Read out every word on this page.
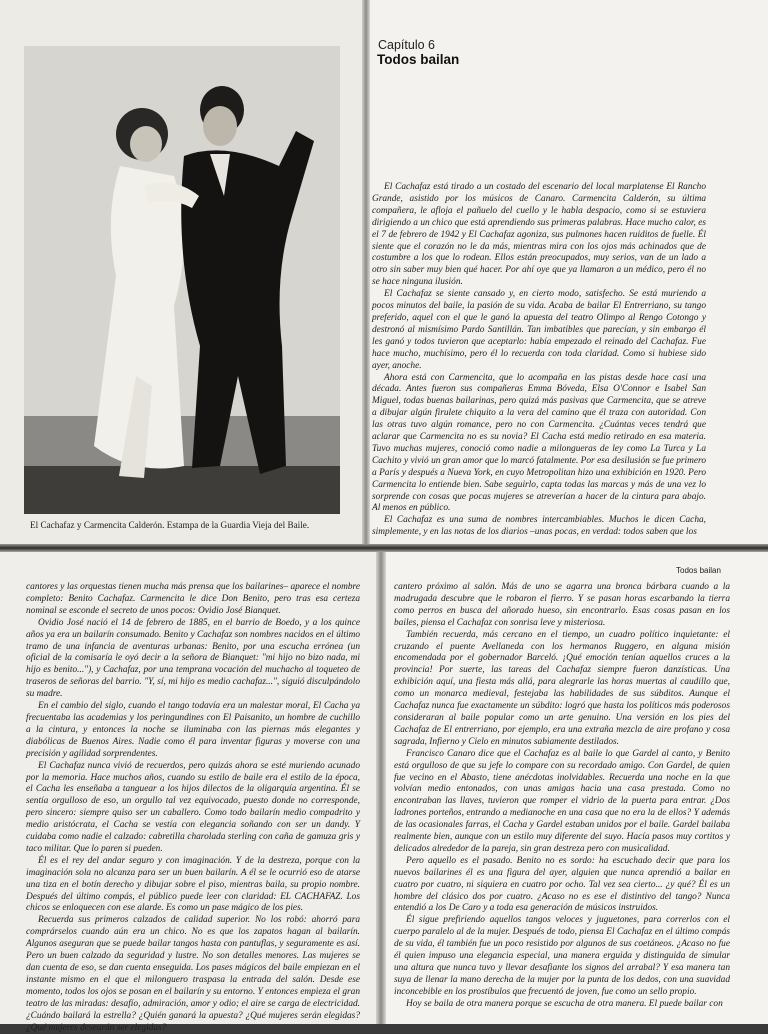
El Cachafaz y Carmencita Calderón. Estampa de la Guardia Vieja del Baile.
Capítulo 6
Todos bailan

El Cachafaz está tirado a un costado del escenario del local marplatense El Rancho Grande, asistido por los músicos de Canaro. Carmencita Calderón, su última compañera, le afloja el pañuelo del cuello y le habla despacio, como si se estuviera dirigiendo a un chico que está aprendiendo sus primeras palabras. Hace mucho calor, es el 7 de febrero de 1942 y El Cachafaz agoniza, sus pulmones hacen ruiditos de fuelle. Él siente que el corazón no le da más, mientras mira con los ojos más achinados que de costumbre a los que lo rodean. Ellos están preocupados, muy serios, van de un lado a otro sin saber muy bien qué hacer. Por ahí oye que ya llamaron a un médico, pero él no se hace ninguna ilusión.

El Cachafaz se siente cansado y, en cierto modo, satisfecho. Se está muriendo a pocos minutos del baile, la pasión de su vida. Acaba de bailar El Entrerriano, su tango preferido, aquel con el que le ganó la apuesta del teatro Olimpo al Rengo Cotongo y destronó al mismísimo Pardo Santillán. Tan imbatibles que parecían, y sin embargo él les ganó y todos tuvieron que aceptarlo: había empezado el reinado del Cachafaz. Fue hace mucho, muchísimo, pero él lo recuerda con toda claridad. Como si hubiese sido ayer, anoche.

Ahora está con Carmencita, que lo acompaña en las pistas desde hace casi una década. Antes fueron sus compañeras Emma Bóveda, Elsa O'Connor e Isabel San Miguel, todas buenas bailarinas, pero quizá más pasivas que Carmencita, que se atreve a dibujar algún firulete chiquito a la vera del camino que él traza con autoridad. Con las otras tuvo algún romance, pero no con Carmencita. ¿Cuántas veces tendrá que aclarar que Carmencita no es su novia? El Cacha está medio retirado en esa materia. Tuvo muchas mujeres, conoció como nadie a milongueras de ley como La Turca y La Cachito y vivió un gran amor que lo marcó fatalmente. Por esa desilusión se fue primero a París y después a Nueva York, en cuyo Metropolitan hizo una exhibición en 1920. Pero Carmencita lo entiende bien. Sabe seguirlo, capta todas las marcas y más de una vez lo sorprende con cosas que pocas mujeres se atreverían a hacer de la cintura para abajo. Al menos en público.

El Cachafaz es una suma de nombres intercambiables. Muchos le dicen Cacha, simplemente, y en las notas de los diarios –unas pocas, en verdad: todos saben que los

cantores y las orquestas tienen mucha más prensa que los bailarines– aparece el nombre completo: Benito Cachafaz. Carmencita le dice Don Benito, pero tras esa certeza nominal se esconde el secreto de unos pocos: Ovidio José Bianquet.

Ovidio José nació el 14 de febrero de 1885, en el barrio de Boedo, y a los quince años ya era un bailarín consumado. Benito y Cachafaz son nombres nacidos en el último tramo de una infancia de aventuras urbanas: Benito, por una escucha errónea (un oficial de la comisaría le oyó decir a la señora de Bianquet: "mi hijo no bizo nada, mi hijo es benito..."), y Cachafaz, por una temprana vocación del muchacho al toqueteo de traseros de señoras del barrio. "Y, sí, mi hijo es medio cachafaz...", siguió disculpándolo su madre.

En el cambio del siglo, cuando el tango todavía era un malestar moral, El Cacha ya frecuentaba las academias y los peringundines con El Paisanito, un hombre de cuchillo a la cintura, y entonces la noche se iluminaba con las piernas más elegantes y diabólicas de Buenos Aires. Nadie como él para inventar figuras y moverse con una precisión y agilidad sorprendentes.

El Cachafaz nunca vivió de recuerdos, pero quizás ahora se esté muriendo acunado por la memoria. Hace muchos años, cuando su estilo de baile era el estilo de la época, el Cacha les enseñaba a tanguear a los hijos dilectos de la oligarquía argentina. Él se sentía orgulloso de eso, un orgullo tal vez equivocado, puesto donde no corresponde, pero sincero: siempre quiso ser un caballero. Como todo bailarín medio compadrito y medio aristócrata, el Cacha se vestía con elegancia soñando con ser un dandy. Y cuidaba como nadie el calzado: cabretilla charolada sterling con caña de gamuza gris y taco militar. Que lo paren si pueden.

Él es el rey del andar seguro y con imaginación. Y de la destreza, porque con la imaginación sola no alcanza para ser un buen bailarín. A él se le ocurrió eso de atarse una tiza en el botín derecho y dibujar sobre el piso, mientras baila, su propio nombre. Después del último compás, el público puede leer con claridad: EL CACHAFAZ. Los chicos se enloquecen con ese alarde. Es como un pase mágico de los pies.

Recuerda sus primeros calzados de calidad superior. No los robó: ahorró para comprárselos cuando aún era un chico. No es que los zapatos hagan al bailarín. Algunos aseguran que se puede bailar tangos hasta con pantuflas, y seguramente es así. Pero un buen calzado da seguridad y lustre. No son detalles menores. Las mujeres se dan cuenta de eso, se dan cuenta enseguida. Los pases mágicos del baile empiezan en el instante mismo en el que el milonguero traspasa la entrada del salón. Desde ese momento, todos los ojos se posan en el bailarín y su entorno. Y entonces empieza el gran teatro de las miradas: desafío, admiración, amor y odio; el aire se carga de electricidad. ¿Cuándo bailará la estrella? ¿Quién ganará la apuesta? ¿Qué mujeres serán elegidas? ¿Qué mujeres desearán ser elegidas?

Todos bailan

cantero próximo al salón. Más de uno se agarra una bronca bárbara cuando a la madrugada descubre que le robaron el fierro. Y se pasan horas escarbando la tierra como perros en busca del añorado hueso, sin encontrarlo. Esas cosas pasan en los bailes, piensa el Cachafaz con sonrisa leve y misteriosa.

También recuerda, más cercano en el tiempo, un cuadro político inquietante: el cruzando el puente Avellaneda con los hermanos Ruggero, en alguna misión encomendada por el gobernador Barceló. ¡Qué emoción tenían aquellos cruces a la provincia! Por suerte, las tareas del Cachafaz siempre fueron danzísticas. Una exhibición aquí, una fiesta más allá, para alegrarle las horas muertas al caudillo que, como un monarca medieval, festejaba las habilidades de sus súbditos. Aunque el Cachafaz nunca fue exactamente un súbdito: logró que hasta los políticos más poderosos consideraran al baile popular como un arte genuino. Una versión en los pies del Cachafaz de El entrerriano, por ejemplo, era una extraña mezcla de aire profano y cosa sagrada, Infierno y Cielo en minutos sabiamente destilados.

Francisco Canaro dice que el Cachafaz es al baile lo que Gardel al canto, y Benito está orgulloso de que su jefe lo compare con su recordado amigo. Con Gardel, de quien fue vecino en el Abasto, tiene anécdotas inolvidables. Recuerda una noche en la que volvían medio entonados, con unas amigas hacia una casa prestada. Como no encontraban las llaves, tuvieron que romper el vidrio de la puerta para entrar. ¿Dos ladrones porteños, entrando a medianoche en una casa que no era la de ellos? Y además de las ocasionales farras, el Cacha y Gardel estaban unidos por el baile. Gardel bailaba realmente bien, aunque con un estilo muy diferente del suyo. Hacía pasos muy cortitos y delicados alrededor de la pareja, sin gran destreza pero con musicalidad.

Pero aquello es el pasado. Benito no es sordo: ha escuchado decir que para los nuevos bailarines él es una figura del ayer, alguien que nunca aprendió a bailar en cuatro por cuatro, ni siquiera en cuatro por ocho. Tal vez sea cierto... ¿y qué? Él es un hombre del clásico dos por cuatro. ¿Acaso no es ese el distintivo del tango? Nunca entendió a los De Caro y a toda esa generación de músicos instruidos.

Él sigue prefiriendo aquellos tangos veloces y juguetones, para correrlos con el cuerpo paralelo al de la mujer. Después de todo, piensa El Cachafaz en el último compás de su vida, él también fue un poco resistido por algunos de sus coetáneos. ¿Acaso no fue él quien impuso una elegancia especial, una manera erguida y distinguida de simular una altura que nunca tuvo y llevar desafiante los signos del arrabal? Y esa manera tan suya de llenar la mano derecha de la mujer por la punta de los dedos, con una suavidad inconcebible en los prostíbulos que frecuentó de joven, fue como un sello propio.

Hoy se baila de otra manera porque se escucha de otra manera. El puede bailar con
